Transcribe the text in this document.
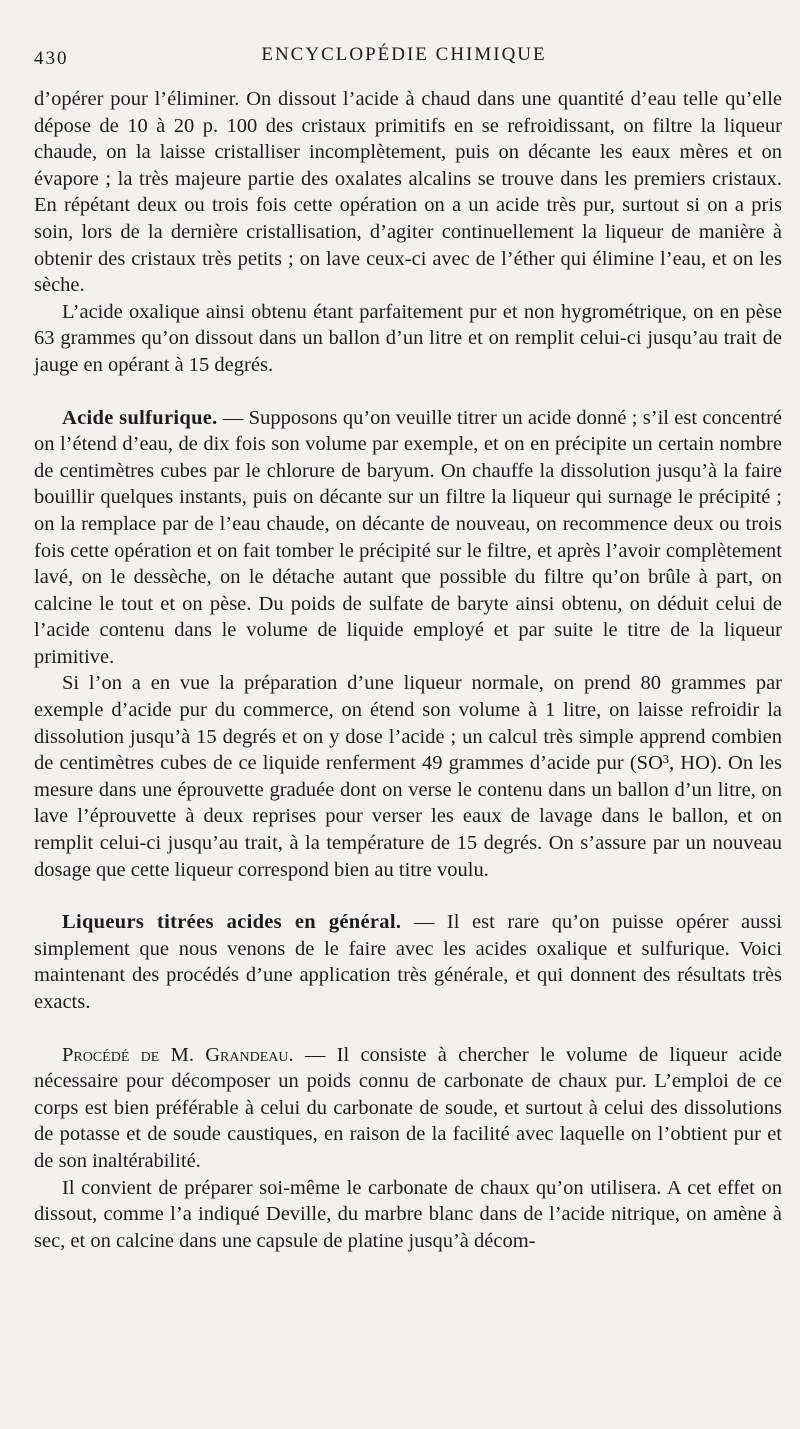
430	ENCYCLOPÉDIE CHIMIQUE

d’opérer pour l’éliminer. On dissout l’acide à chaud dans une quantité d’eau telle qu’elle dépose de 10 à 20 p. 100 des cristaux primitifs en se refroidissant, on filtre la liqueur chaude, on la laisse cristalliser incomplètement, puis on décante les eaux mères et on évapore ; la très majeure partie des oxalates alcalins se trouve dans les premiers cristaux. En répétant deux ou trois fois cette opération on a un acide très pur, surtout si on a pris soin, lors de la dernière cristallisation, d’agiter continuellement la liqueur de manière à obtenir des cristaux très petits ; on lave ceux-ci avec de l’éther qui élimine l’eau, et on les sèche.

L’acide oxalique ainsi obtenu étant parfaitement pur et non hygrométrique, on en pèse 63 grammes qu’on dissout dans un ballon d’un litre et on remplit celui-ci jusqu’au trait de jauge en opérant à 15 degrés.

Acide sulfurique. — Supposons qu’on veuille titrer un acide donné ; s’il est concentré on l’étend d’eau, de dix fois son volume par exemple, et on en précipite un certain nombre de centimètres cubes par le chlorure de baryum. On chauffe la dissolution jusqu’à la faire bouillir quelques instants, puis on décante sur un filtre la liqueur qui surnage le précipité ; on la remplace par de l’eau chaude, on décante de nouveau, on recommence deux ou trois fois cette opération et on fait tomber le précipité sur le filtre, et après l’avoir complètement lavé, on le dessèche, on le détache autant que possible du filtre qu’on brûle à part, on calcine le tout et on pèse. Du poids de sulfate de baryte ainsi obtenu, on déduit celui de l’acide contenu dans le volume de liquide employé et par suite le titre de la liqueur primitive.

Si l’on a en vue la préparation d’une liqueur normale, on prend 80 grammes par exemple d’acide pur du commerce, on étend son volume à 1 litre, on laisse refroidir la dissolution jusqu’à 15 degrés et on y dose l’acide ; un calcul très simple apprend combien de centimètres cubes de ce liquide renferment 49 grammes d’acide pur (SO³, HO). On les mesure dans une éprouvette graduée dont on verse le contenu dans un ballon d’un litre, on lave l’éprouvette à deux reprises pour verser les eaux de lavage dans le ballon, et on remplit celui-ci jusqu’au trait, à la température de 15 degrés. On s’assure par un nouveau dosage que cette liqueur correspond bien au titre voulu.

Liqueurs titrées acides en général. — Il est rare qu’on puisse opérer aussi simplement que nous venons de le faire avec les acides oxalique et sulfurique. Voici maintenant des procédés d’une application très générale, et qui donnent des résultats très exacts.

Procédé de M. Grandeau. — Il consiste à chercher le volume de liqueur acide nécessaire pour décomposer un poids connu de carbonate de chaux pur. L’emploi de ce corps est bien préférable à celui du carbonate de soude, et surtout à celui des dissolutions de potasse et de soude caustiques, en raison de la facilité avec laquelle on l’obtient pur et de son inaltérabilité.

Il convient de préparer soi-même le carbonate de chaux qu’on utilisera. A cet effet on dissout, comme l’a indiqué Deville, du marbre blanc dans de l’acide nitrique, on amène à sec, et on calcine dans une capsule de platine jusqu’à décom-
